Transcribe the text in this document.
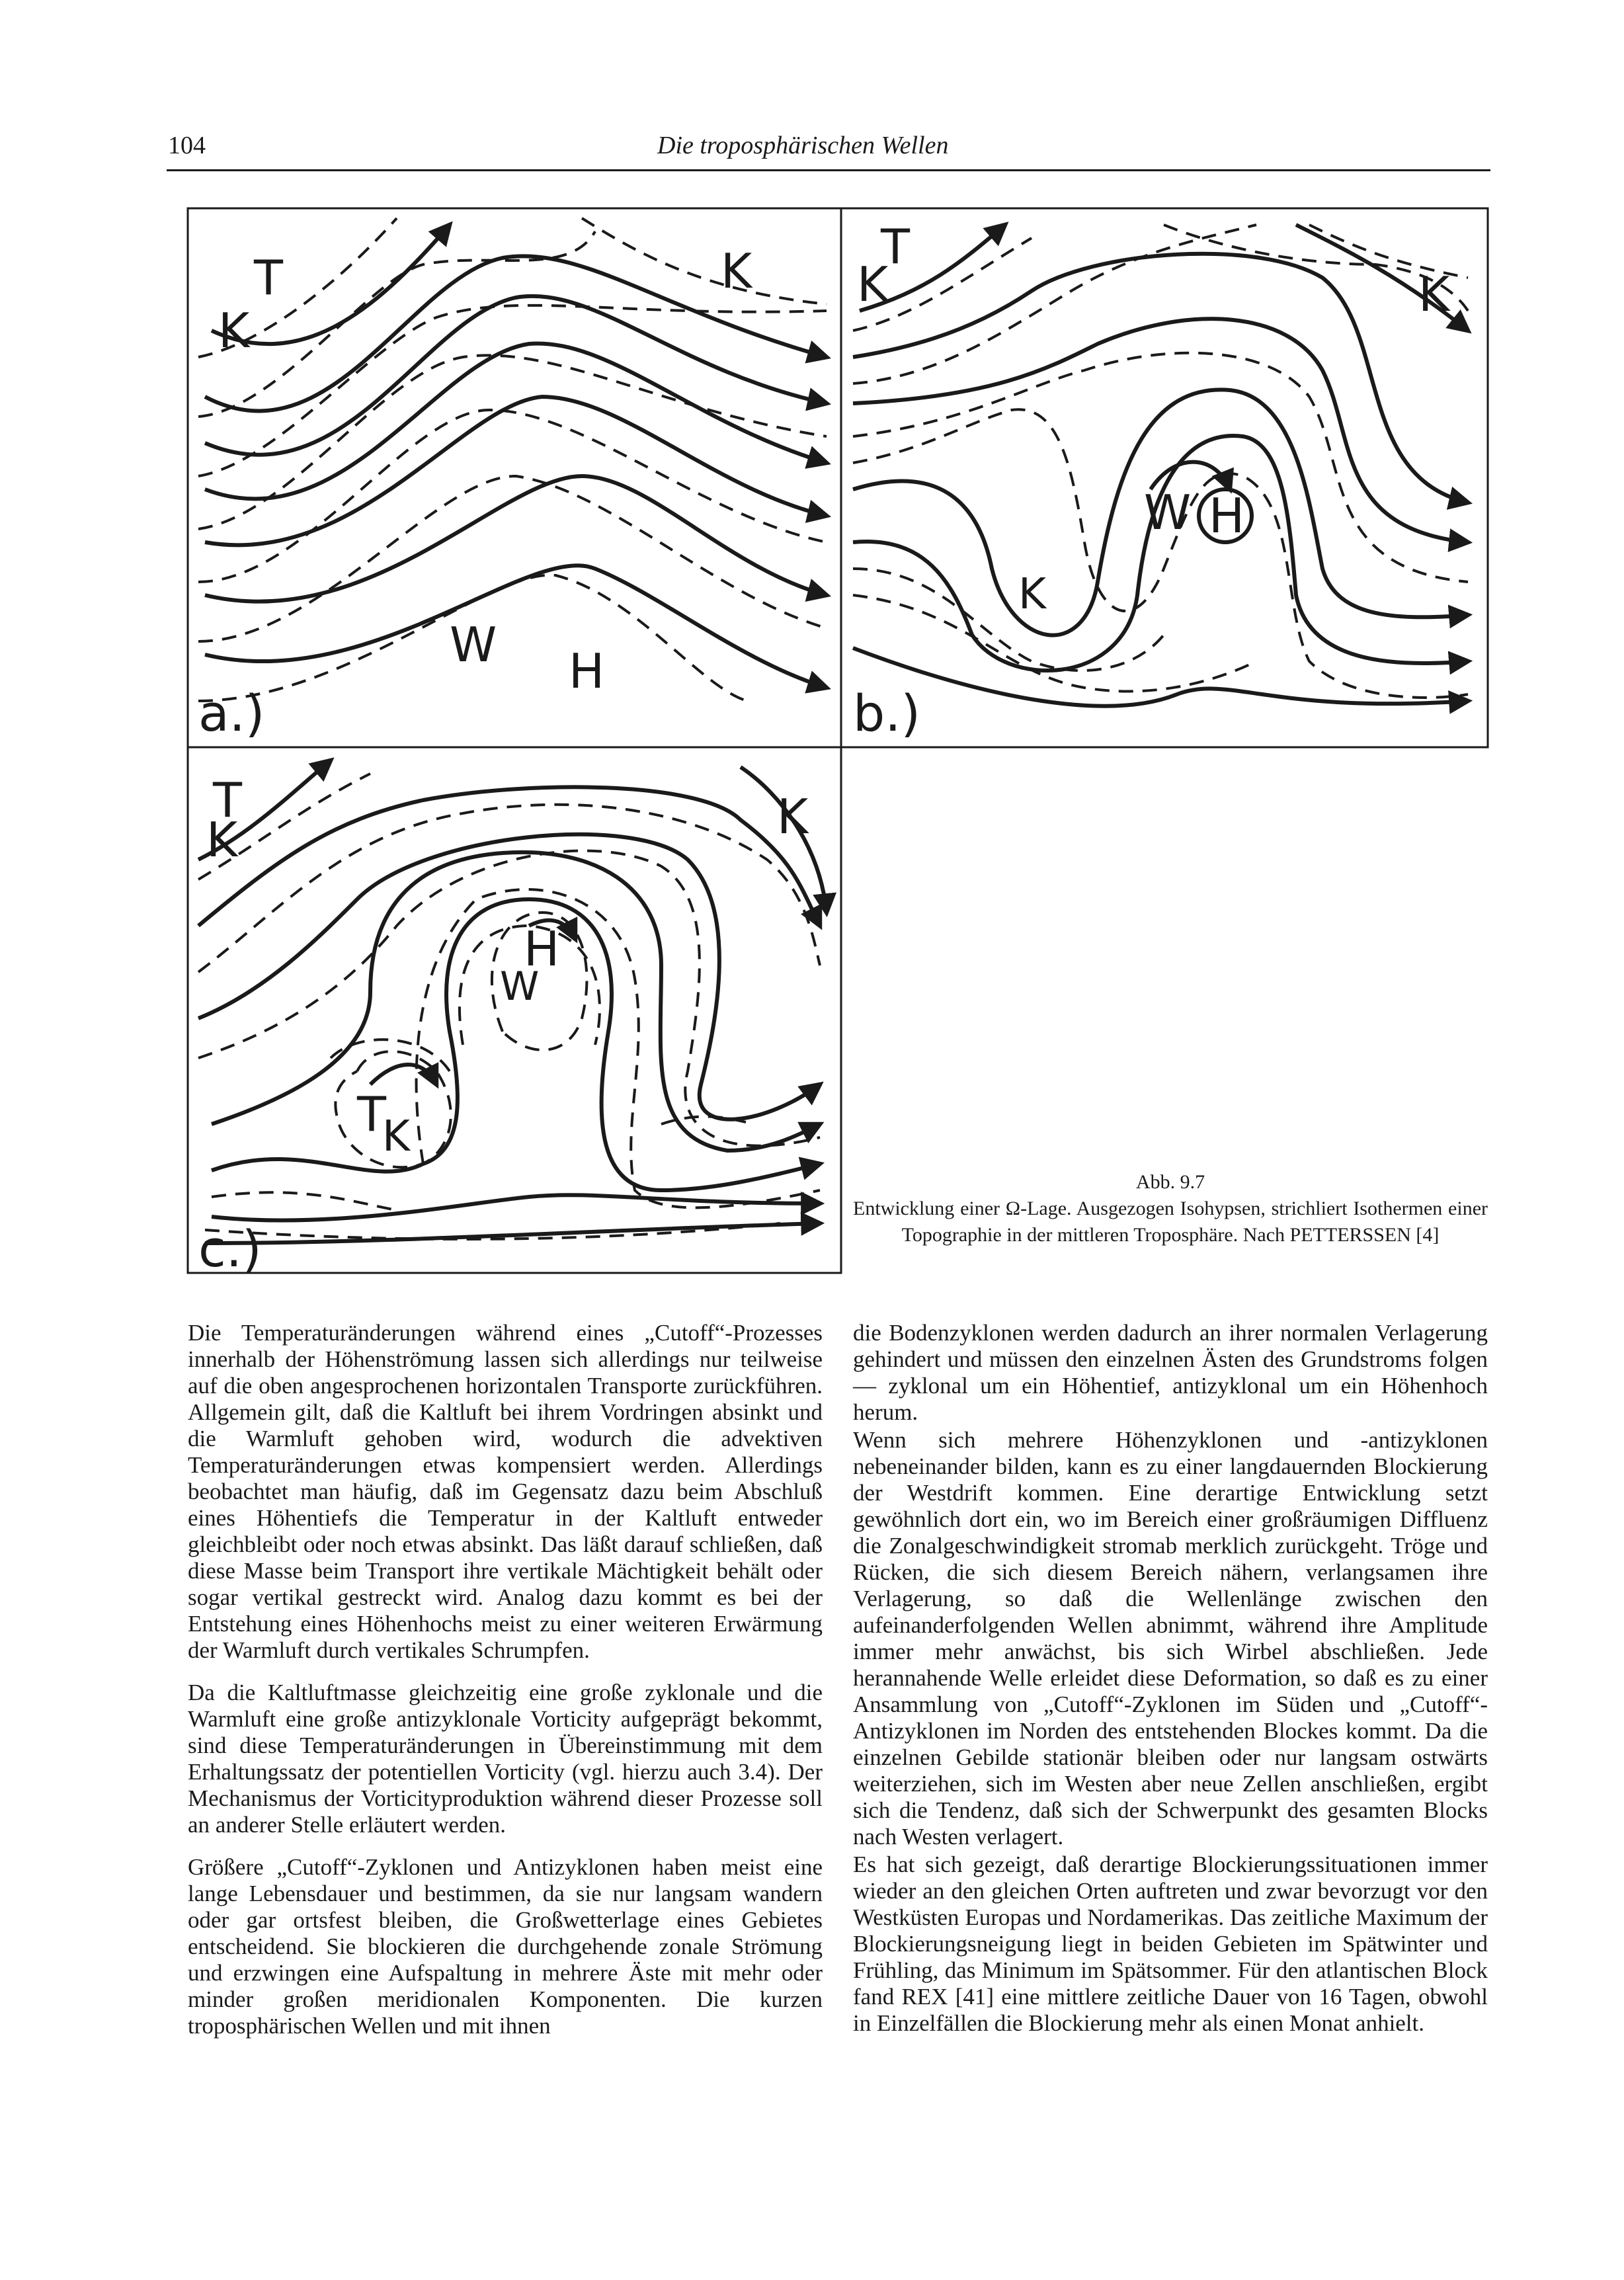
104	Die troposphärischen Wellen
T
K
K
W H
a.)
T
K	K
W H
K
b.)
T
K	K
H
W
T
K
c.)
Abb. 9.7
Entwicklung einer Ω-Lage. Ausgezogen Isohypsen, strichliert Isothermen einer Topographie in der mittleren Troposphäre. Nach PETTERSSEN [4]

Die Temperaturänderungen während eines „Cutoff“-Prozesses innerhalb der Höhenströmung lassen sich allerdings nur teilweise auf die oben angesprochenen horizontalen Transporte zurückführen. Allgemein gilt, daß die Kaltluft bei ihrem Vordringen absinkt und die Warmluft gehoben wird, wodurch die advektiven Temperaturänderungen etwas kompensiert werden. Allerdings beobachtet man häufig, daß im Gegensatz dazu beim Abschluß eines Höhentiefs die Temperatur in der Kaltluft entweder gleichbleibt oder noch etwas absinkt. Das läßt darauf schließen, daß diese Masse beim Transport ihre vertikale Mächtigkeit behält oder sogar vertikal gestreckt wird. Analog dazu kommt es bei der Entstehung eines Höhenhochs meist zu einer weiteren Erwärmung der Warmluft durch vertikales Schrumpfen.

Da die Kaltluftmasse gleichzeitig eine große zyklonale und die Warmluft eine große antizyklonale Vorticity aufgeprägt bekommt, sind diese Temperaturänderungen in Übereinstimmung mit dem Erhaltungssatz der potentiellen Vorticity (vgl. hierzu auch 3.4). Der Mechanismus der Vorticityproduktion während dieser Prozesse soll an anderer Stelle erläutert werden.

Größere „Cutoff“-Zyklonen und Antizyklonen haben meist eine lange Lebensdauer und bestimmen, da sie nur langsam wandern oder gar ortsfest bleiben, die Großwetterlage eines Gebietes entscheidend. Sie blockieren die durchgehende zonale Strömung und erzwingen eine Aufspaltung in mehrere Äste mit mehr oder minder großen meridionalen Komponenten. Die kurzen troposphärischen Wellen und mit ihnen

die Bodenzyklonen werden dadurch an ihrer normalen Verlagerung gehindert und müssen den einzelnen Ästen des Grundstroms folgen — zyklonal um ein Höhentief, antizyklonal um ein Höhenhoch herum.

Wenn sich mehrere Höhenzyklonen und -antizyklonen nebeneinander bilden, kann es zu einer langdauernden Blockierung der Westdrift kommen. Eine derartige Entwicklung setzt gewöhnlich dort ein, wo im Bereich einer großräumigen Diffluenz die Zonalgeschwindigkeit stromab merklich zurückgeht. Tröge und Rücken, die sich diesem Bereich nähern, verlangsamen ihre Verlagerung, so daß die Wellenlänge zwischen den aufeinanderfolgenden Wellen abnimmt, während ihre Amplitude immer mehr anwächst, bis sich Wirbel abschließen. Jede herannahende Welle erleidet diese Deformation, so daß es zu einer Ansammlung von „Cutoff“-Zyklonen im Süden und „Cutoff“-Antizyklonen im Norden des entstehenden Blockes kommt. Da die einzelnen Gebilde stationär bleiben oder nur langsam ostwärts weiterziehen, sich im Westen aber neue Zellen anschließen, ergibt sich die Tendenz, daß sich der Schwerpunkt des gesamten Blocks nach Westen verlagert.

Es hat sich gezeigt, daß derartige Blockierungssituationen immer wieder an den gleichen Orten auftreten und zwar bevorzugt vor den Westküsten Europas und Nordamerikas. Das zeitliche Maximum der Blockierungsneigung liegt in beiden Gebieten im Spätwinter und Frühling, das Minimum im Spätsommer. Für den atlantischen Block fand REX [41] eine mittlere zeitliche Dauer von 16 Tagen, obwohl in Einzelfällen die Blockierung mehr als einen Monat anhielt.
